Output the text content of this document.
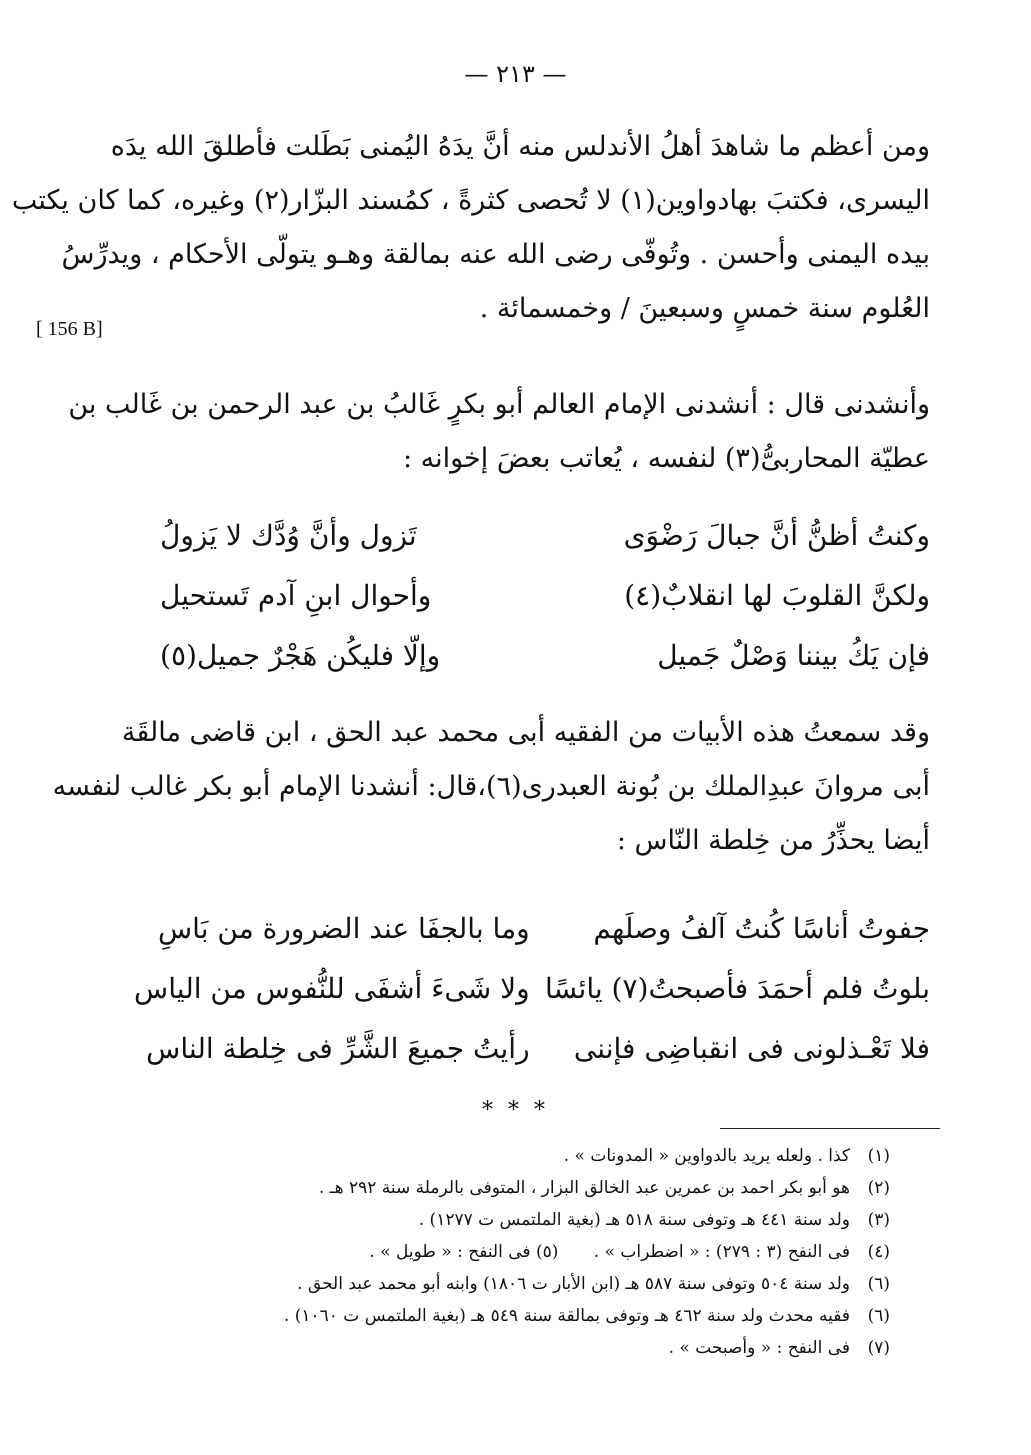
— ٢١٣ —
[ 156 B]
ومن أعظم ما شاهدَ أهلُ الأندلس منه أنَّ يدَهُ اليُمنى بَطَلت فأطلقَ الله يدَه
اليسرى، فكتبَ بهادواوين(١) لا تُحصى كثرةً ، كمُسند البزّار(٢) وغيره، كما كان يكتب
بيده اليمنى وأحسن . وتُوفّى رضى الله عنه بمالقة وهـو يتولّى الأحكام ، ويدرِّسُ
العُلوم سنة خمسٍ وسبعينَ / وخمسمائة .
وأنشدنى قال : أنشدنى الإمام العالم أبو بكرٍ غَالبُ بن عبد الرحمن بن غَالب بن
عطيّة المحاربىُّ(٣) لنفسه ، يُعاتب بعضَ إخوانه :
وكنتُ أظنُّ أنَّ جبالَ رَضْوَى
تَزول وأنَّ وُدَّك لا يَزولُ
ولكنَّ القلوبَ لها انقلابٌ(٤)
وأحوال ابنِ آدم تَستحيل
فإن يَكُ بيننا وَصْلٌ جَميل
وإلّا فليكُن هَجْرٌ جميل(٥)
وقد سمعتُ هذه الأبيات من الفقيه أبى محمد عبد الحق ، ابن قاضى مالقَة
أبى مروانَ عبدِالملك بن بُونة العبدرى(٦)،قال: أنشدنا الإمام أبو بكر غالب لنفسه
أيضا يحذِّرُ من خِلطة النّاس :
جفوتُ أناسًا كُنتُ آلفُ وصلَهم
وما بالجفَا عند الضرورة من بَاسِ
بلوتُ فلم أحمَدَ فأصبحتُ(٧) يائسًا
ولا شَىءَ أشفَى للنُّفوس من الياس
فلا تَعْـذلونى فى انقباضِى فإننى
رأيتُ جميعَ الشَّرِّ فى خِلطة الناس
* * *
(١)
كذا . ولعله يريد بالدواوين « المدونات » .
(٢)
هو أبو بكر احمد بن عمرين عبد الخالق البزار ، المتوفى بالرملة سنة ٢٩٢ هـ .
(٣)
ولد سنة ٤٤١ هـ وتوفى سنة ٥١٨ هـ (بغية الملتمس ت ١٢٧٧) .
(٤)
فى النفح (٣ : ٢٧٩) : « اضطراب » . (٥) فى النفح : « طويل » .
(٦)
ولد سنة ٥٠٤ وتوفى سنة ٥٨٧ هـ (ابن الأبار ت ١٨٠٦) وابنه أبو محمد عبد الحق .
(٦)
فقيه محدث ولد سنة ٤٦٢ هـ وتوفى بمالقة سنة ٥٤٩ هـ (بغية الملتمس ت ١٠٦٠) .
(٧)
فى النفح : « وأصبحت » .
